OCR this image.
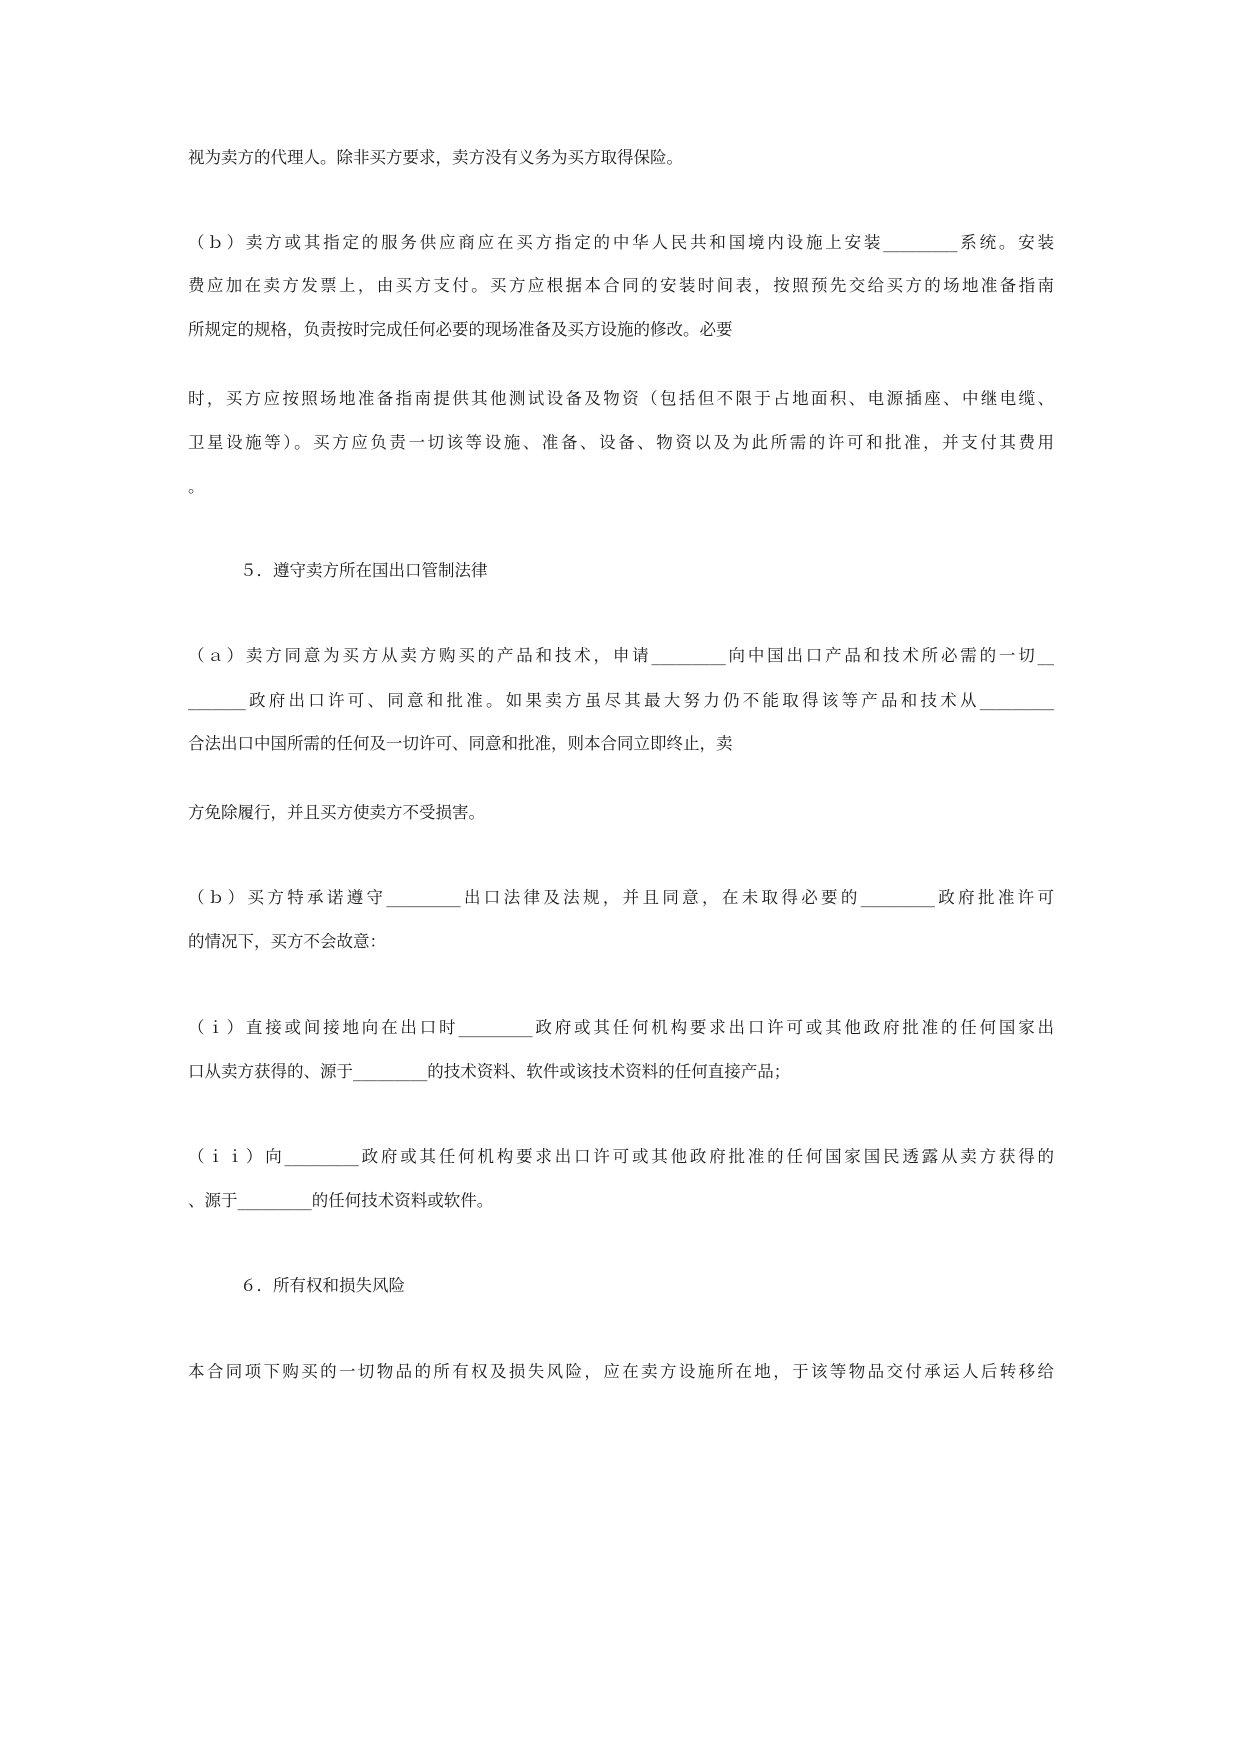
视为卖方的代理人。除非买方要求，卖方没有义务为买方取得保险。
（ｂ）卖方或其指定的服务供应商应在买方指定的中华人民共和国境内设施上安装_________系统。安装
费应加在卖方发票上，由买方支付。买方应根据本合同的安装时间表，按照预先交给买方的场地准备指南
所规定的规格，负责按时完成任何必要的现场准备及买方设施的修改。必要
时，买方应按照场地准备指南提供其他测试设备及物资（包括但不限于占地面积、电源插座、中继电缆、
卫星设施等）。买方应负责一切该等设施、准备、设备、物资以及为此所需的许可和批准，并支付其费用
。
５．遵守卖方所在国出口管制法律
（ａ）卖方同意为买方从卖方购买的产品和技术，申请_________向中国出口产品和技术所必需的一切__
_______政府出口许可、同意和批准。如果卖方虽尽其最大努力仍不能取得该等产品和技术从_________
合法出口中国所需的任何及一切许可、同意和批准，则本合同立即终止，卖
方免除履行，并且买方使卖方不受损害。
（ｂ）买方特承诺遵守_________出口法律及法规，并且同意，在未取得必要的_________政府批准许可
的情况下，买方不会故意：
（ｉ）直接或间接地向在出口时_________政府或其任何机构要求出口许可或其他政府批准的任何国家出
口从卖方获得的、源于_________的技术资料、软件或该技术资料的任何直接产品；
（ｉｉ）向_________政府或其任何机构要求出口许可或其他政府批准的任何国家国民透露从卖方获得的
、源于_________的任何技术资料或软件。
６．所有权和损失风险
本合同项下购买的一切物品的所有权及损失风险，应在卖方设施所在地，于该等物品交付承运人后转移给
